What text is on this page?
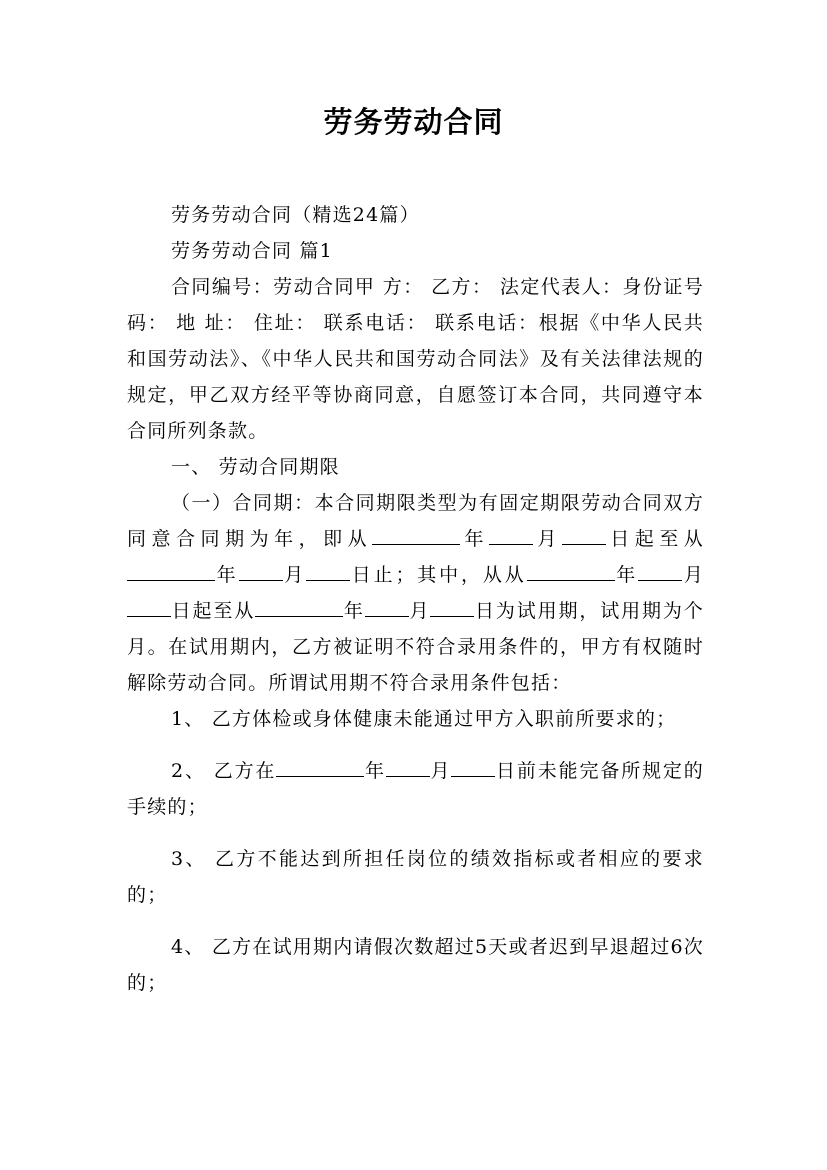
劳务劳动合同

劳务劳动合同（精选24篇）

劳务劳动合同 篇1

合同编号：劳动合同甲 方： 乙方： 法定代表人：身份证号码： 地 址： 住址： 联系电话： 联系电话：根据《中华人民共和国劳动法》、《中华人民共和国劳动合同法》及有关法律法规的规定，甲乙双方经平等协商同意，自愿签订本合同，共同遵守本合同所列条款。

一、 劳动合同期限

（一）合同期：本合同期限类型为有固定期限劳动合同双方同意合同期为年，即从	年 月 日起至从年 月 日止；其中，从从	年 月日起至从	年 月 日为试用期，试用期为个月。在试用期内，乙方被证明不符合录用条件的，甲方有权随时解除劳动合同。所谓试用期不符合录用条件包括：

1、 乙方体检或身体健康未能通过甲方入职前所要求的；

2、 乙方在	年 月 日前未能完备所规定的手续的；

3、 乙方不能达到所担任岗位的绩效指标或者相应的要求的；

4、 乙方在试用期内请假次数超过5天或者迟到早退超过6次的；
